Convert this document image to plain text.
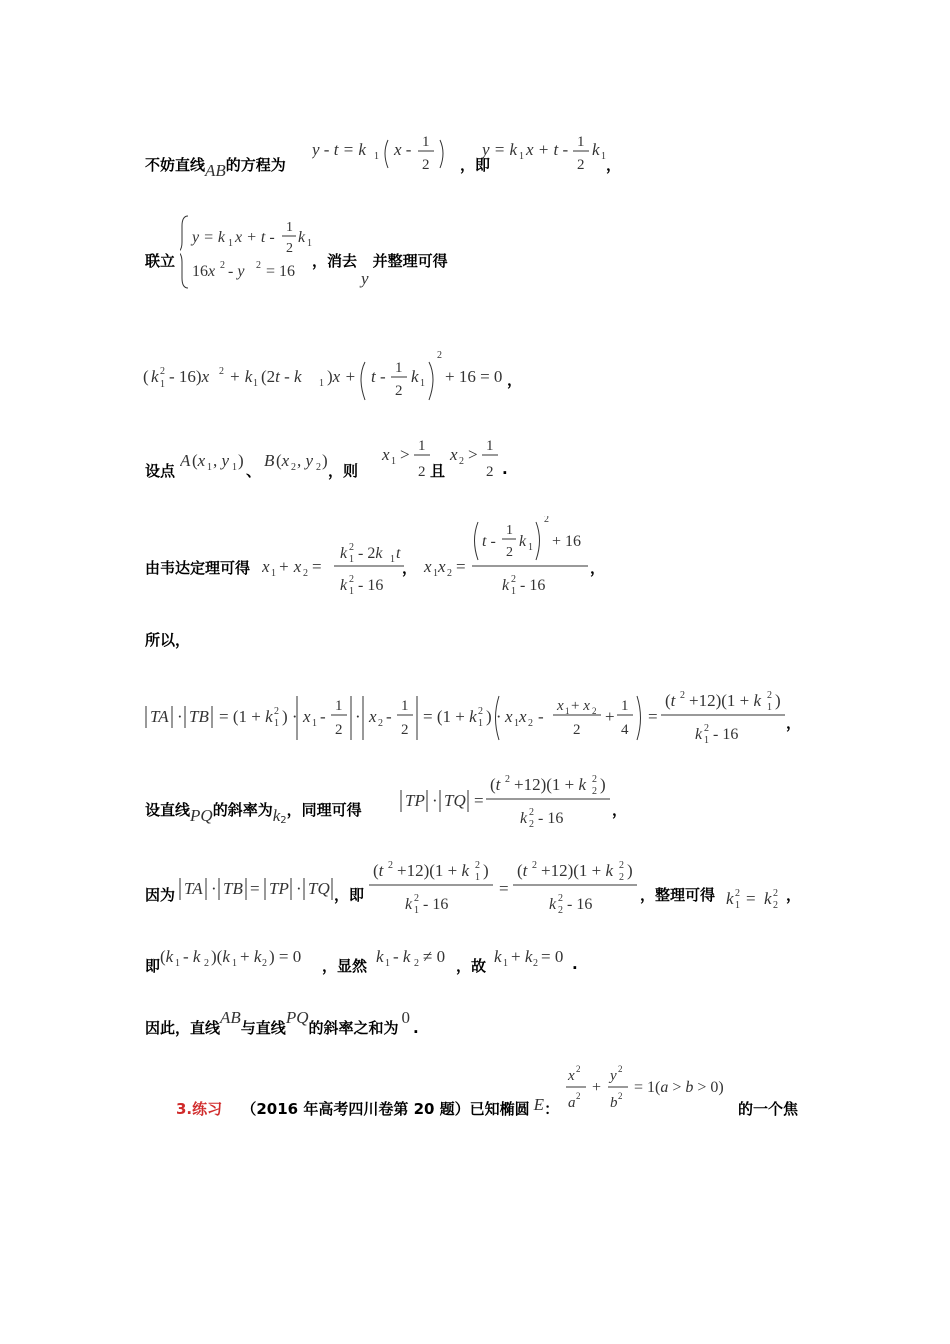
不妨直线AB的方程为
y - t = k 1 x - 1
2 ，即
y = k 1 x + t - 1
2
k 1 ，
联立
y = k 1 x + t -
1
2
k 1
16x 2 - y 2 = 16
，消去y并整理可得
( k 2
1 - 16)x 2 + k 1 (2t - k 1 )x + t - 1
2
k 1
2
+ 16 = 0 ，
设点
A (x 1 , y 1 ) B (x 2 , y 2 )	x 1 > 1
2
x 2 > 1
2
、	，则	且	.
由韦达定理可得 x 1 + x 2 =
k 2
1 - 2k 1 t
k 2
1 - 16
x 1 x 2 =
t -
1
2
k 1
2
+ 16
k 2
1 - 16
，	，
所以，
TA · TB = (1 + k 2
1 ) · x 1 -
1
2
· x 2 -
1
2
= (1 + k 2
1 ) · x 1 x 2 -
x 1 + x 2
2
+
1
4
=
(t 2 +12)(1 + k 2
1 )
k 2
1 - 16
，
设直线PQ的斜率为$k_2$，同理可得	TP · TQ =
(t 2 +12)(1 + k 2
2 )
k 2
2 - 16	，
因为 TA · TB = TP · TQ
(t 2 +12)(1 + k 2
1 )
k 2
1 - 16
=
(t 2 +12)(1 + k 2
2 )
k 2
2 - 16
，即	，整理可得 k 2
1 = k 2
2
，
即 (k 1 - k 2 )(k 1 + k 2 ) = 0	k 1 - k 2 ≠ 0	k 1 + k 2 = 0
，显然	，故	.
因此，直线AB与直线PQ的斜率之和为0.
3.练习 （2016 年高考四川卷第 20 题）已知椭圆 E：
x 2
a 2 +
y 2
b 2 = 1(a > b > 0)
的一个焦
